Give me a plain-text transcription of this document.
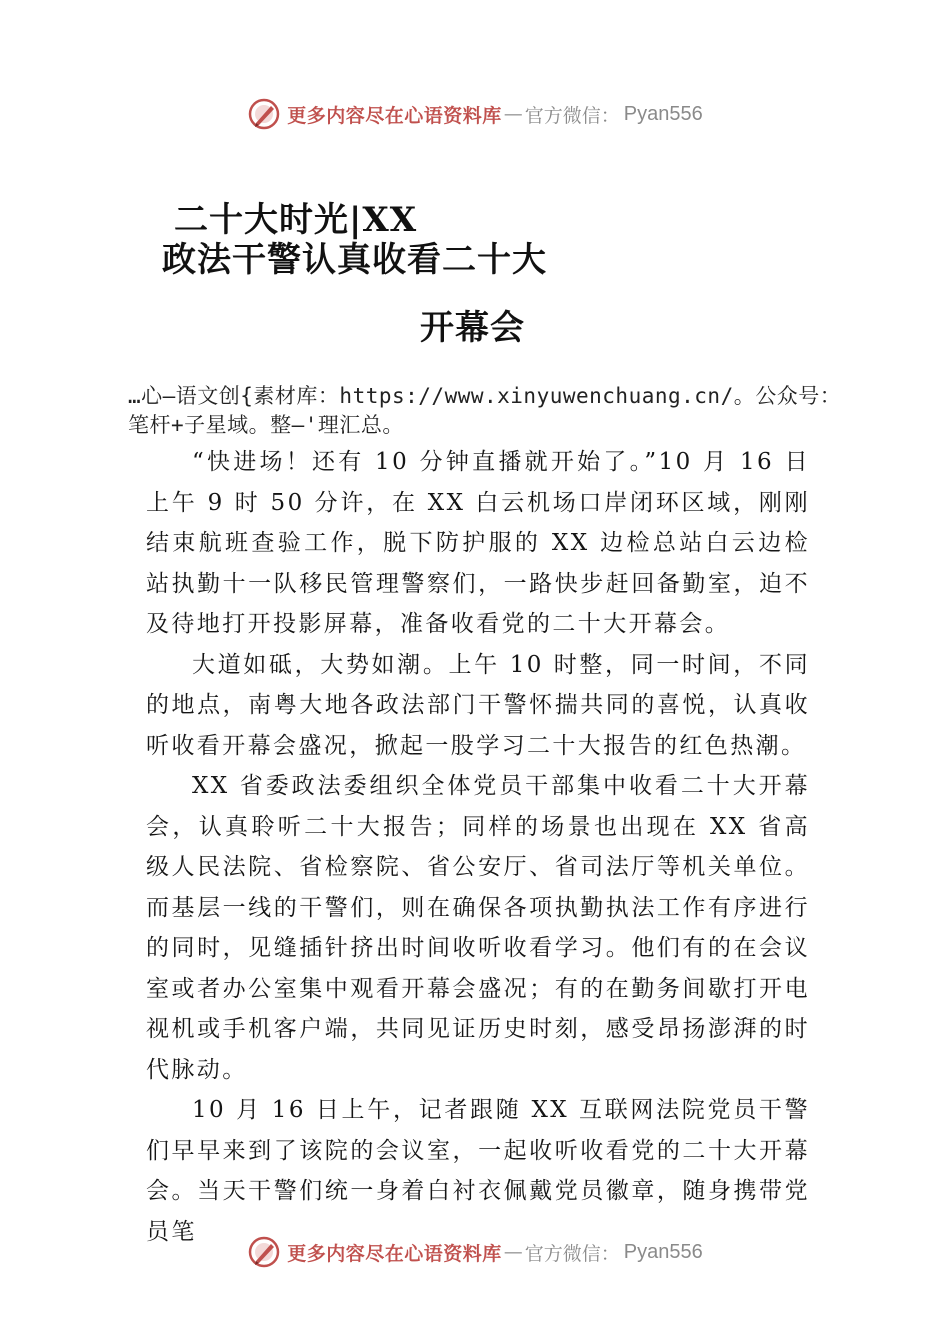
更多内容尽在心语资料库 — 官方微信： Pyan556
二十大时光|XX
政法干警认真收看二十大
开幕会
…心—语文创{素材库：https://www.xinyuwenchuang.cn/。公众号：笔杆+子星域。整—'理汇总。

“快进场！还有 10 分钟直播就开始了。”10 月 16 日上午 9 时 50 分许，在 XX 白云机场口岸闭环区域，刚刚结束航班查验工作，脱下防护服的 XX 边检总站白云边检站执勤十一队移民管理警察们，一路快步赶回备勤室，迫不及待地打开投影屏幕，准备收看党的二十大开幕会。

大道如砥，大势如潮。上午 10 时整，同一时间，不同的地点，南粤大地各政法部门干警怀揣共同的喜悦，认真收听收看开幕会盛况，掀起一股学习二十大报告的红色热潮。

XX 省委政法委组织全体党员干部集中收看二十大开幕会，认真聆听二十大报告；同样的场景也出现在 XX 省高级人民法院、省检察院、省公安厅、省司法厅等机关单位。而基层一线的干警们，则在确保各项执勤执法工作有序进行的同时，见缝插针挤出时间收听收看学习。他们有的在会议室或者办公室集中观看开幕会盛况；有的在勤务间歇打开电视机或手机客户端，共同见证历史时刻，感受昂扬澎湃的时代脉动。

10 月 16 日上午，记者跟随 XX 互联网法院党员干警们早早来到了该院的会议室，一起收听收看党的二十大开幕会。当天干警们统一身着白衬衣佩戴党员徽章，随身携带党员笔

更多内容尽在心语资料库 — 官方微信： Pyan556
